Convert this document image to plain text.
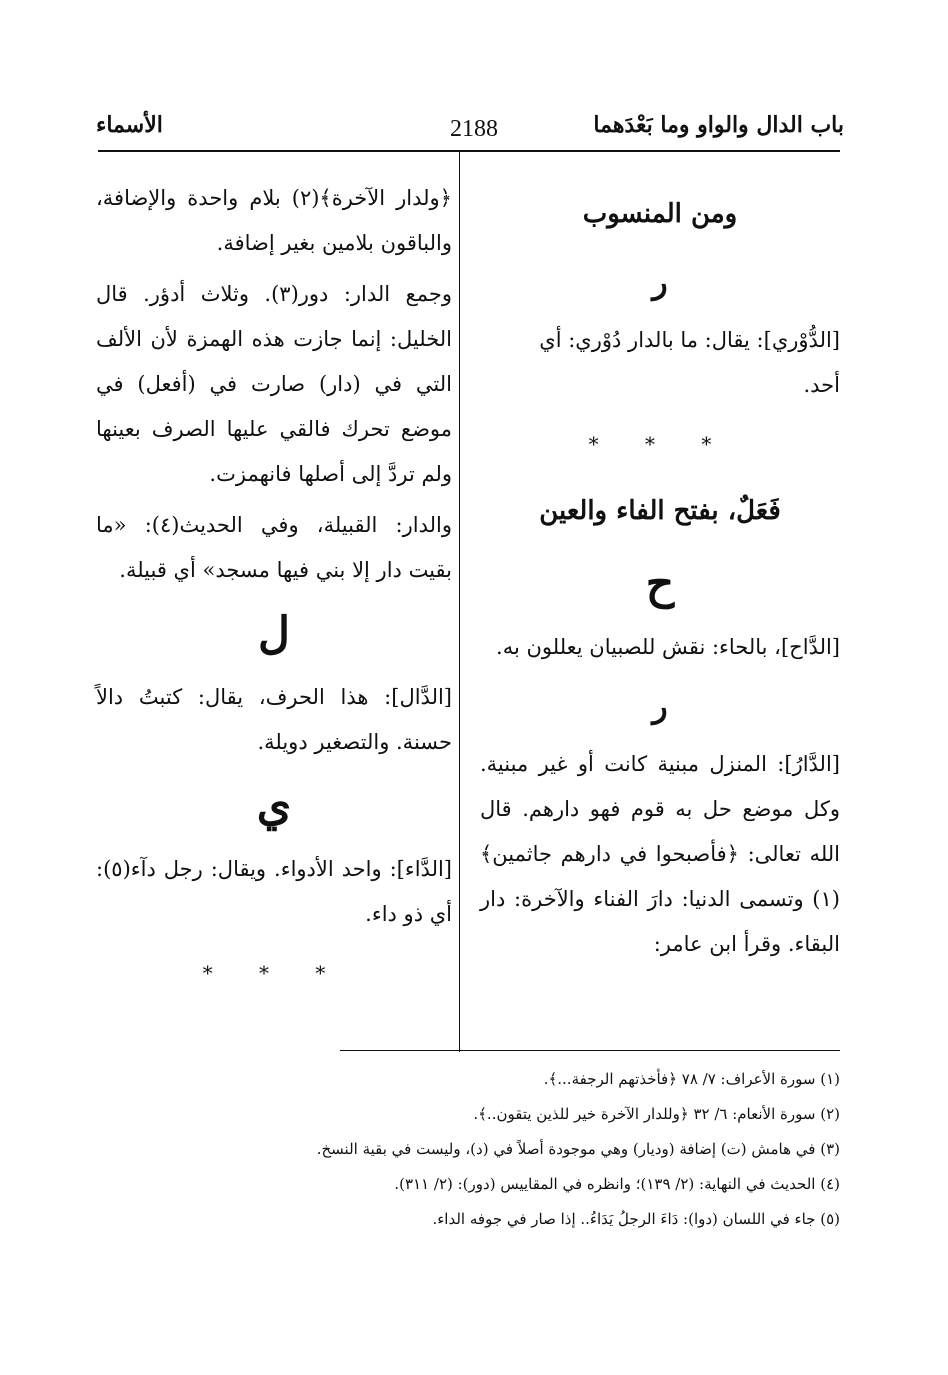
باب الدال والواو وما بَعْدَهما
2188
الأسماء
ومن المنسوب
ر

[الدُّوْري]: يقال: ما بالدار دُوْري: أي
أحد.

* * *
فَعَلٌ، بفتح الفاء والعين
ح

[الدَّاح]، بالحاء: نقش للصبيان يعللون به.

ر

[الدَّارُ]: المنزل مبنية كانت أو غير مبنية. وكل موضع حل به قوم فهو دارهم. قال الله تعالى: ﴿فأصبحوا في دارهم جاثمين﴾(١) وتسمى الدنيا: دارَ الفناء والآخرة: دار البقاء. وقرأ ابن عامر:

﴿ولدار الآخرة﴾(٢) بلام واحدة والإضافة، والباقون بلامين بغير إضافة.

وجمع الدار: دور(٣). وثلاث أدؤر. قال الخليل: إنما جازت هذه الهمزة لأن الألف التي في (دار) صارت في (أفعل) في موضع تحرك فالقي عليها الصرف بعينها ولم تردَّ إلى أصلها فانهمزت.

والدار: القبيلة، وفي الحديث(٤): «ما بقيت دار إلا بني فيها مسجد» أي قبيلة.

ل

[الدَّال]: هذا الحرف، يقال: كتبتُ دالاً حسنة. والتصغير دويلة.

ي

[الدَّاء]: واحد الأدواء. ويقال: رجل دآء(٥): أي ذو داء.

* * *
(١) سورة الأعراف: ٧/ ٧٨ ﴿فأخذتهم الرجفة...﴾.
(٢) سورة الأنعام: ٦/ ٣٢ ﴿وللدار الآخرة خير للذين يتقون..﴾.
(٣) في هامش (ت) إضافة (وديار) وهي موجودة أصلاً في (د)، وليست في بقية النسخ.
(٤) الحديث في النهاية: (٢/ ١٣٩)؛ وانظره في المقاييس (دور): (٢/ ٣١١).
(٥) جاء في اللسان (دوا): دَاءَ الرجلُ يَدَاءُ.. إذا صار في جوفه الداء.
